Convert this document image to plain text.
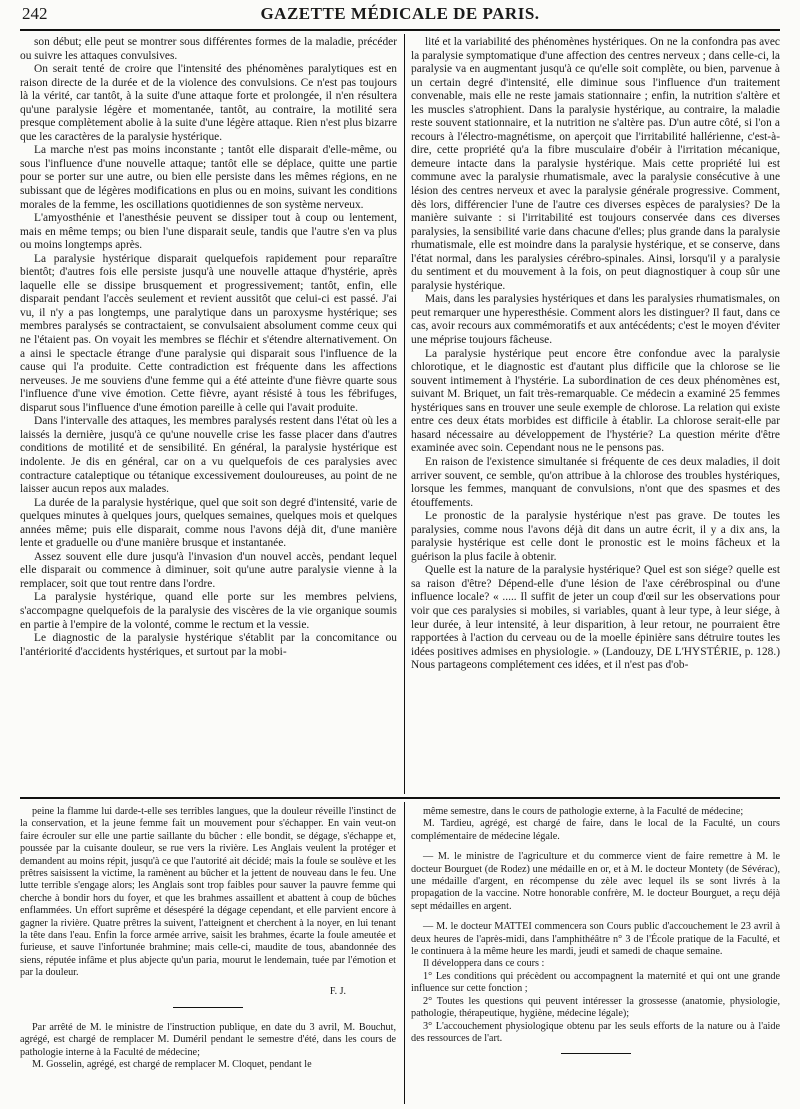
242	GAZETTE MÉDICALE DE PARIS.

son début; elle peut se montrer sous différentes formes de la maladie, précéder ou suivre les attaques convulsives.

On serait tenté de croire que l'intensité des phénomènes paralytiques est en raison directe de la durée et de la violence des convulsions. Ce n'est pas toujours là la vérité, car tantôt, à la suite d'une attaque forte et prolongée, il n'en résultera qu'une paralysie légère et momentanée, tantôt, au contraire, la motilité sera presque complètement abolie à la suite d'une légère attaque. Rien n'est plus bizarre que les caractères de la paralysie hystérique.

La marche n'est pas moins inconstante ; tantôt elle disparait d'elle-même, ou sous l'influence d'une nouvelle attaque; tantôt elle se déplace, quitte une partie pour se porter sur une autre, ou bien elle persiste dans les mêmes régions, en ne subissant que de légères modifications en plus ou en moins, suivant les conditions morales de la femme, les oscillations quotidiennes de son système nerveux.

L'amyosthénie et l'anesthésie peuvent se dissiper tout à coup ou lentement, mais en même temps; ou bien l'une disparait seule, tandis que l'autre s'en va plus ou moins longtemps après.

La paralysie hystérique disparait quelquefois rapidement pour reparaître bientôt; d'autres fois elle persiste jusqu'à une nouvelle attaque d'hystérie, après laquelle elle se dissipe brusquement et progressivement; tantôt, enfin, elle disparait pendant l'accès seulement et revient aussitôt que celui-ci est passé. J'ai vu, il n'y a pas longtemps, une paralytique dans un paroxysme hystérique; ses membres paralysés se contractaient, se convulsaient absolument comme ceux qui ne l'étaient pas. On voyait les membres se fléchir et s'étendre alternativement. On a ainsi le spectacle étrange d'une paralysie qui disparait sous l'influence de la cause qui l'a produite. Cette contradiction est fréquente dans les affections nerveuses. Je me souviens d'une femme qui a été atteinte d'une fièvre quarte sous l'influence d'une vive émotion. Cette fièvre, ayant résisté à tous les fébrifuges, disparut sous l'influence d'une émotion pareille à celle qui l'avait produite.

Dans l'intervalle des attaques, les membres paralysés restent dans l'état où les a laissés la dernière, jusqu'à ce qu'une nouvelle crise les fasse placer dans d'autres conditions de motilité et de sensibilité. En général, la paralysie hystérique est indolente. Je dis en général, car on a vu quelquefois de ces paralysies avec contracture cataleptique ou tétanique excessivement douloureuses, au point de ne laisser aucun repos aux malades.

La durée de la paralysie hystérique, quel que soit son degré d'intensité, varie de quelques minutes à quelques jours, quelques semaines, quelques mois et quelques années même; puis elle disparait, comme nous l'avons déjà dit, d'une manière lente et graduelle ou d'une manière brusque et instantanée.

Assez souvent elle dure jusqu'à l'invasion d'un nouvel accès, pendant lequel elle disparait ou commence à diminuer, soit qu'une autre paralysie vienne à la remplacer, soit que tout rentre dans l'ordre.

La paralysie hystérique, quand elle porte sur les membres pelviens, s'accompagne quelquefois de la paralysie des viscères de la vie organique soumis en partie à l'empire de la volonté, comme le rectum et la vessie.

Le diagnostic de la paralysie hystérique s'établit par la concomitance ou l'antériorité d'accidents hystériques, et surtout par la mobi-

lité et la variabilité des phénomènes hystériques. On ne la confondra pas avec la paralysie symptomatique d'une affection des centres nerveux ; dans celle-ci, la paralysie va en augmentant jusqu'à ce qu'elle soit complète, ou bien, parvenue à un certain degré d'intensité, elle diminue sous l'influence d'un traitement convenable, mais elle ne reste jamais stationnaire ; enfin, la nutrition s'altère et les muscles s'atrophient. Dans la paralysie hystérique, au contraire, la maladie reste souvent stationnaire, et la nutrition ne s'altère pas. D'un autre côté, si l'on a recours à l'électro-magnétisme, on aperçoit que l'irritabilité hallérienne, c'est-à-dire, cette propriété qu'a la fibre musculaire d'obéir à l'irritation mécanique, demeure intacte dans la paralysie hystérique. Mais cette propriété lui est commune avec la paralysie rhumatismale, avec la paralysie consécutive à une lésion des centres nerveux et avec la paralysie générale progressive. Comment, dès lors, différencier l'une de l'autre ces diverses espèces de paralysies? De la manière suivante : si l'irritabilité est toujours conservée dans ces diverses paralysies, la sensibilité varie dans chacune d'elles; plus grande dans la paralysie rhumatismale, elle est moindre dans la paralysie hystérique, et se conserve, dans l'état normal, dans les paralysies cérébro-spinales. Ainsi, lorsqu'il y a paralysie du sentiment et du mouvement à la fois, on peut diagnostiquer à coup sûr une paralysie hystérique.

Mais, dans les paralysies hystériques et dans les paralysies rhumatismales, on peut remarquer une hyperesthésie. Comment alors les distinguer? Il faut, dans ce cas, avoir recours aux commémoratifs et aux antécédents; c'est le moyen d'éviter une méprise toujours fâcheuse.

La paralysie hystérique peut encore être confondue avec la paralysie chlorotique, et le diagnostic est d'autant plus difficile que la chlorose se lie souvent intimement à l'hystérie. La subordination de ces deux phénomènes est, suivant M. Briquet, un fait très-remarquable. Ce médecin a examiné 25 femmes hystériques sans en trouver une seule exemple de chlorose. La relation qui existe entre ces deux états morbides est difficile à établir. La chlorose serait-elle par hasard nécessaire au développement de l'hystérie? La question mérite d'être examinée avec soin. Cependant nous ne le pensons pas.

En raison de l'existence simultanée si fréquente de ces deux maladies, il doit arriver souvent, ce semble, qu'on attribue à la chlorose des troubles hystériques, lorsque les femmes, manquant de convulsions, n'ont que des spasmes et des étouffements.

Le pronostic de la paralysie hystérique n'est pas grave. De toutes les paralysies, comme nous l'avons déjà dit dans un autre écrit, il y a dix ans, la paralysie hystérique est celle dont le pronostic est le moins fâcheux et la guérison la plus facile à obtenir.

Quelle est la nature de la paralysie hystérique? Quel est son siége? quelle est sa raison d'être? Dépend-elle d'une lésion de l'axe cérébrospinal ou d'une influence locale? « ..... Il suffit de jeter un coup d'œil sur les observations pour voir que ces paralysies si mobiles, si variables, quant à leur type, à leur siége, à leur durée, à leur intensité, à leur disparition, à leur retour, ne pourraient être rapportées à l'action du cerveau ou de la moelle épinière sans détruire toutes les idées positives admises en physiologie. » (Landouzy, DE L'HYSTÉRIE, p. 128.) Nous partageons complétement ces idées, et il n'est pas d'ob-

peine la flamme lui darde-t-elle ses terribles langues, que la douleur réveille l'instinct de la conservation, et la jeune femme fait un mouvement pour s'échapper. En vain veut-on faire écrouler sur elle une partie saillante du bûcher : elle bondit, se dégage, s'échappe et, poussée par la cuisante douleur, se rue vers la rivière. Les Anglais veulent la protéger et demandent au moins répit, jusqu'à ce que l'autorité ait décidé; mais la foule se soulève et les prêtres saisissent la victime, la ramènent au bûcher et la jettent de nouveau dans le feu. Une lutte terrible s'engage alors; les Anglais sont trop faibles pour sauver la pauvre femme qui cherche à bondir hors du foyer, et que les brahmes assaillent et abattent à coup de bûches enflammées. Un effort suprême et désespéré la dégage cependant, et elle parvient encore à gagner la rivière. Quatre prêtres la suivent, l'atteignent et cherchent à la noyer, en lui tenant la tête dans l'eau. Enfin la force armée arrive, saisit les brahmes, écarte la foule ameutée et furieuse, et sauve l'infortunée brahmine; mais celle-ci, maudite de tous, abandonnée des siens, réputée infâme et plus abjecte qu'un paria, mourut le lendemain, tuée par l'émotion et par la douleur.

F. J.

Par arrêté de M. le ministre de l'instruction publique, en date du 3 avril, M. Bouchut, agrégé, est chargé de remplacer M. Duméril pendant le semestre d'été, dans les cours de pathologie interne à la Faculté de médecine;

M. Gosselin, agrégé, est chargé de remplacer M. Cloquet, pendant le

même semestre, dans le cours de pathologie externe, à la Faculté de médecine;

M. Tardieu, agrégé, est chargé de faire, dans le local de la Faculté, un cours complémentaire de médecine légale.

— M. le ministre de l'agriculture et du commerce vient de faire remettre à M. le docteur Bourguet (de Rodez) une médaille en or, et à M. le docteur Montety (de Sévérac), une médaille d'argent, en récompense du zèle avec lequel ils se sont livrés à la propagation de la vaccine. Notre honorable confrère, M. le docteur Bourguet, a reçu déjà sept médailles en argent.

— M. le docteur MATTEI commencera son Cours public d'accouchement le 23 avril à deux heures de l'après-midi, dans l'amphithéâtre n° 3 de l'École pratique de la Faculté, et le continuera à la même heure les mardi, jeudi et samedi de chaque semaine.

Il développera dans ce cours :

1° Les conditions qui précèdent ou accompagnent la maternité et qui ont une grande influence sur cette fonction ;

2° Toutes les questions qui peuvent intéresser la grossesse (anatomie, physiologie, pathologie, thérapeutique, hygiène, médecine légale);

3° L'accouchement physiologique obtenu par les seuls efforts de la nature ou à l'aide des ressources de l'art.
